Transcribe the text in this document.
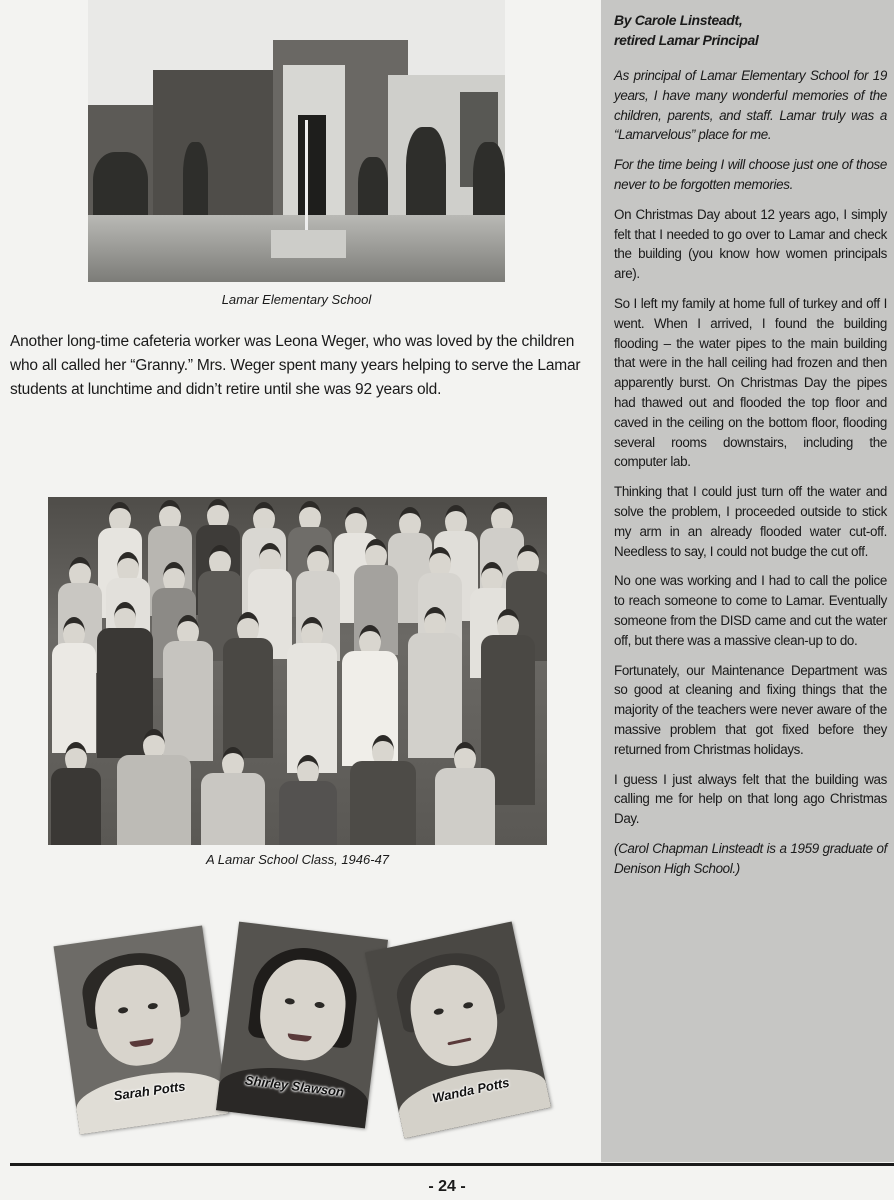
Lamar Elementary School

Another long-time cafeteria worker was Leona Weger, who was loved by the children who all called her “Granny.” Mrs. Weger spent many years helping to serve the Lamar students at lunchtime and didn’t retire until she was 92 years old.

A Lamar School Class, 1946-47
Sarah Potts	Shirley Slawson	Wanda Potts
By Carole Linsteadt,
retired Lamar Principal

As principal of Lamar Elementary School for 19 years, I have many wonderful memories of the children, parents, and staff. Lamar truly was a “Lamarvelous” place for me.

For the time being I will choose just one of those never to be forgotten memories.

On Christmas Day about 12 years ago, I simply felt that I needed to go over to Lamar and check the building (you know how women principals are).

So I left my family at home full of turkey and off I went. When I arrived, I found the building flooding – the water pipes to the main building that were in the hall ceiling had frozen and then apparently burst. On Christmas Day the pipes had thawed out and flooded the top floor and caved in the ceiling on the bottom floor, flooding several rooms downstairs, including the computer lab.

Thinking that I could just turn off the water and solve the problem, I proceeded outside to stick my arm in an already flooded water cut-off. Needless to say, I could not budge the cut off.

No one was working and I had to call the police to reach someone to come to Lamar. Eventually someone from the DISD came and cut the water off, but there was a massive clean-up to do.

Fortunately, our Maintenance Department was so good at cleaning and fixing things that the majority of the teachers were never aware of the massive problem that got fixed before they returned from Christmas holidays.

I guess I just always felt that the building was calling me for help on that long ago Christmas Day.

(Carol Chapman Linsteadt is a 1959 graduate of Denison High School.)

- 24 -
